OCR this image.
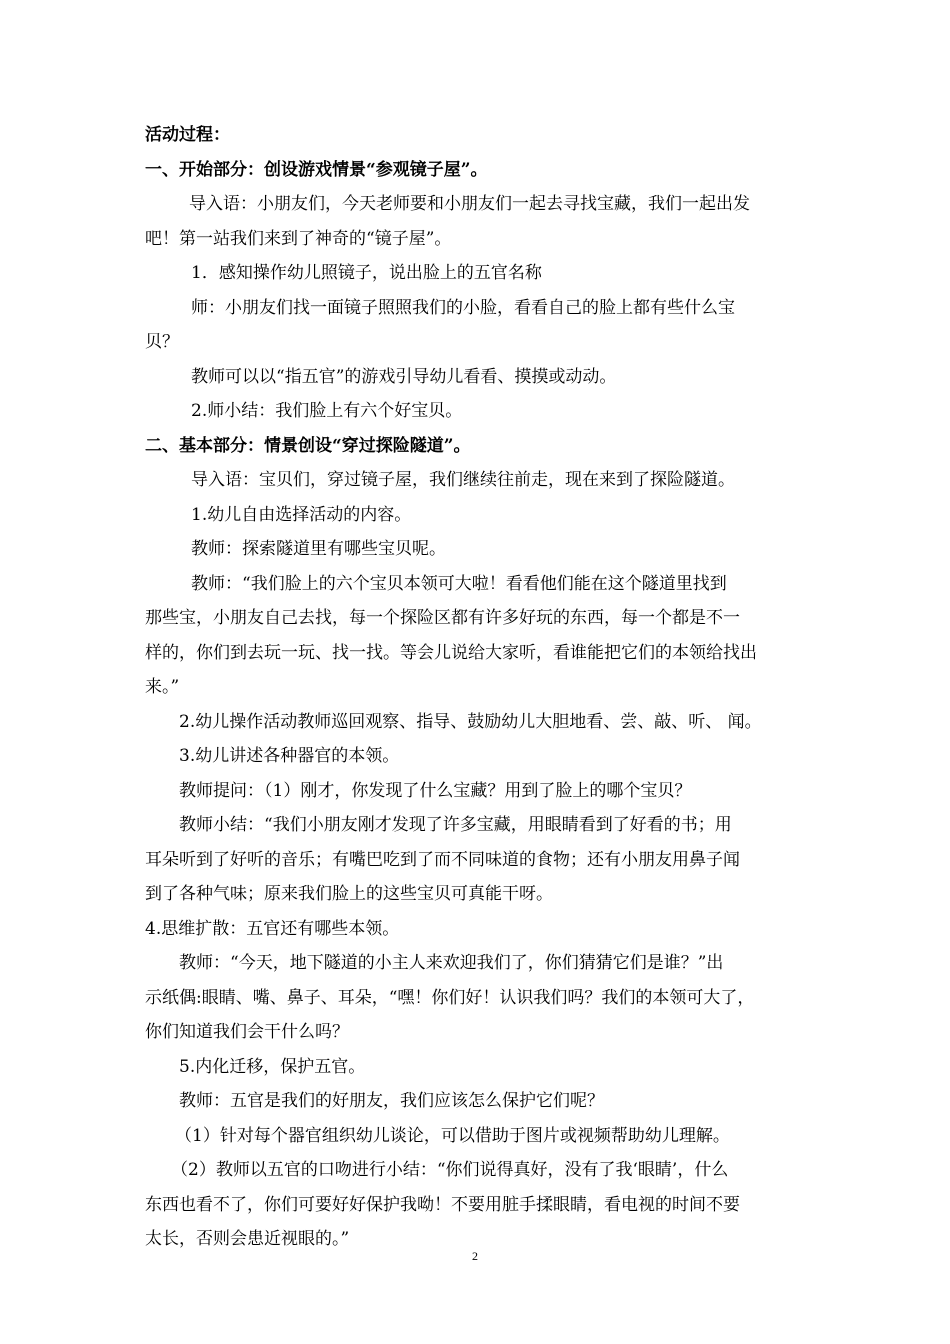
活动过程：
一、开始部分：创设游戏情景“参观镜子屋”。
导入语：小朋友们，今天老师要和小朋友们一起去寻找宝藏，我们一起出发
吧！第一站我们来到了神奇的“镜子屋”。
1．感知操作幼儿照镜子，说出脸上的五官名称
师：小朋友们找一面镜子照照我们的小脸，看看自己的脸上都有些什么宝
贝？
教师可以以“指五官”的游戏引导幼儿看看、摸摸或动动。
2.师小结：我们脸上有六个好宝贝。
二、基本部分：情景创设“穿过探险隧道”。
导入语：宝贝们，穿过镜子屋，我们继续往前走，现在来到了探险隧道。
1.幼儿自由选择活动的内容。
教师：探索隧道里有哪些宝贝呢。
教师：“我们脸上的六个宝贝本领可大啦！看看他们能在这个隧道里找到
那些宝，小朋友自己去找，每一个探险区都有许多好玩的东西，每一个都是不一
样的，你们到去玩一玩、找一找。等会儿说给大家听，看谁能把它们的本领给找出
来。”
2.幼儿操作活动教师巡回观察、指导、鼓励幼儿大胆地看、尝、敲、听、 闻。
3.幼儿讲述各种器官的本领。
教师提问：（1）刚才，你发现了什么宝藏？用到了脸上的哪个宝贝？
教师小结：“我们小朋友刚才发现了许多宝藏，用眼睛看到了好看的书；用
耳朵听到了好听的音乐；有嘴巴吃到了而不同味道的食物；还有小朋友用鼻子闻
到了各种气味；原来我们脸上的这些宝贝可真能干呀。
4.思维扩散：五官还有哪些本领。
教师：“今天，地下隧道的小主人来欢迎我们了，你们猜猜它们是谁？”出
示纸偶:眼睛、嘴、鼻子、耳朵，“嘿！你们好！认识我们吗？我们的本领可大了，
你们知道我们会干什么吗？
5.内化迁移，保护五官。
教师：五官是我们的好朋友，我们应该怎么保护它们呢？
（1）针对每个器官组织幼儿谈论，可以借助于图片或视频帮助幼儿理解。
（2）教师以五官的口吻进行小结：“你们说得真好，没有了我‘眼睛’，什么
东西也看不了，你们可要好好保护我呦！不要用脏手揉眼睛，看电视的时间不要
太长，否则会患近视眼的。”
2
